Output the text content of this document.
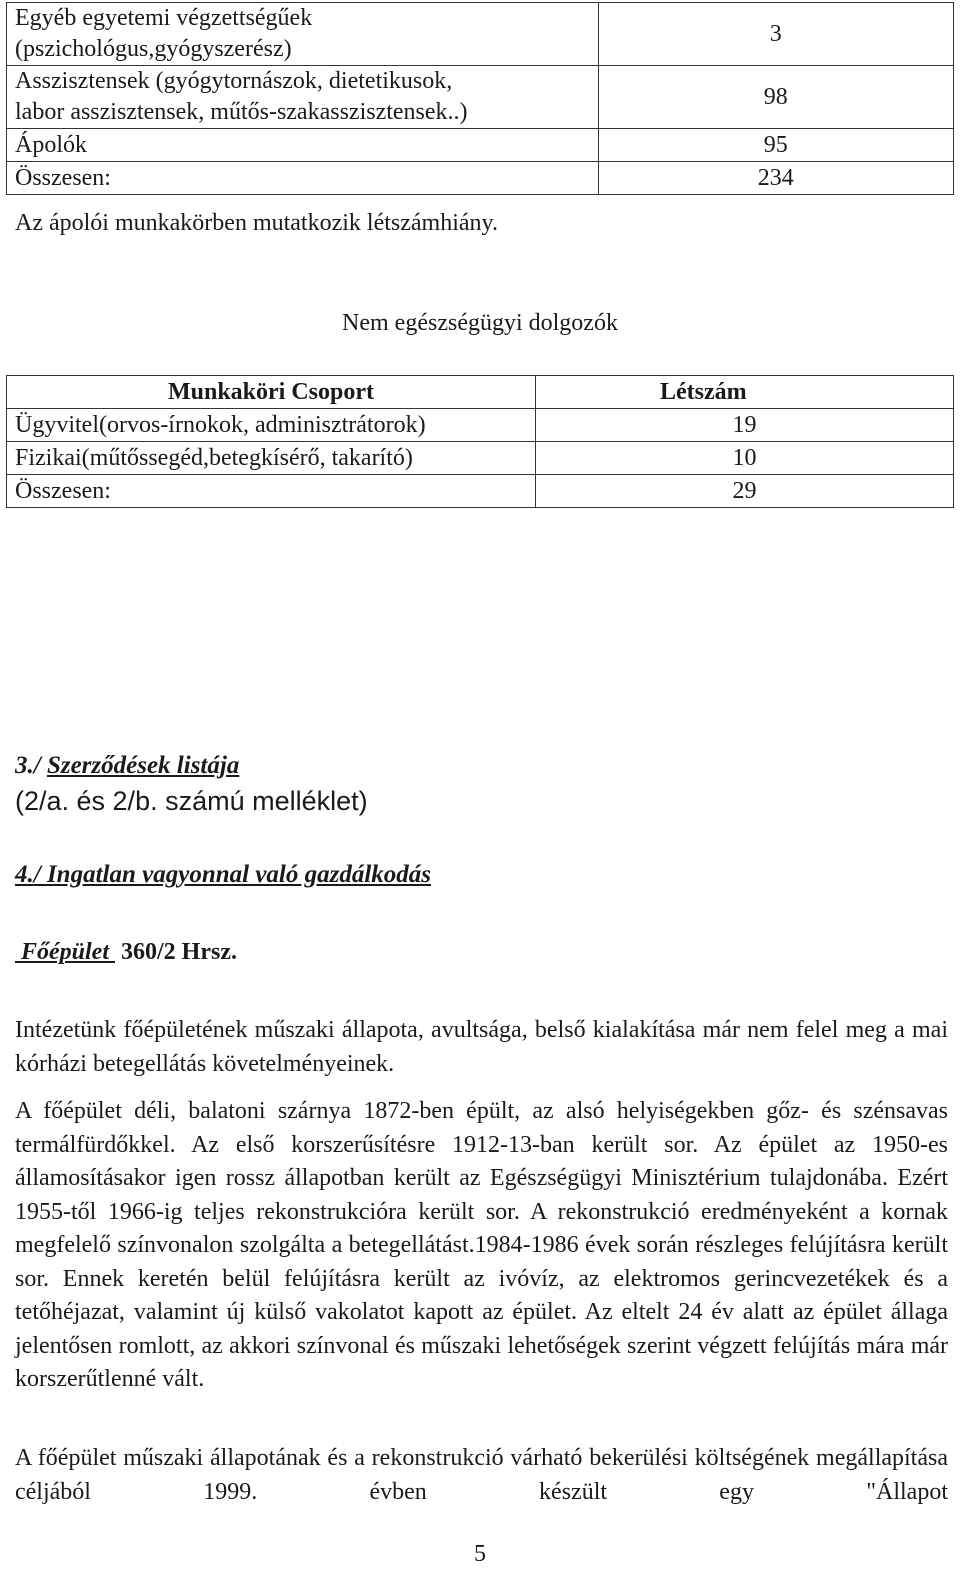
Egyéb egyetemi végzettségűek
(pszichológus,gyógyszerész)	3

Asszisztensek (gyógytornászok, dietetikusok,
labor asszisztensek, műtős-szakasszisztensek..)	98

Ápolók	95

Összesen:	234
Az ápolói munkakörben mutatkozik létszámhiány.
Nem egészségügyi dolgozók
Munkaköri Csoport	Létszám
Ügyvitel(orvos-írnokok, adminisztrátorok)	19
Fizikai(műtőssegéd,betegkísérő, takarító)	10
Összesen:	29
3./ Szerződések listája
(2/a. és 2/b. számú melléklet)
4./ Ingatlan vagyonnal való gazdálkodás
Főépület 360/2 Hrsz.
Intézetünk főépületének műszaki állapota, avultsága, belső kialakítása már nem felel meg a mai kórházi betegellátás követelményeinek.
A főépület déli, balatoni szárnya 1872-ben épült, az alsó helyiségekben gőz- és szénsavas termálfürdőkkel. Az első korszerűsítésre 1912-13-ban került sor. Az épület az 1950-es államosításakor igen rossz állapotban került az Egészségügyi Minisztérium tulajdonába. Ezért 1955-től 1966-ig teljes rekonstrukcióra került sor. A rekonstrukció eredményeként a kornak megfelelő színvonalon szolgálta a betegellátást.1984-1986 évek során részleges felújításra került sor. Ennek keretén belül felújításra került az ivóvíz, az elektromos gerincvezetékek és a tetőhéjazat, valamint új külső vakolatot kapott az épület. Az eltelt 24 év alatt az épület állaga jelentősen romlott, az akkori színvonal és műszaki lehetőségek szerint végzett felújítás mára már korszerűtlenné vált.
A főépület műszaki állapotának és a rekonstrukció várható bekerülési költségének megállapítása céljából 1999. évben készült egy "Állapot
5
